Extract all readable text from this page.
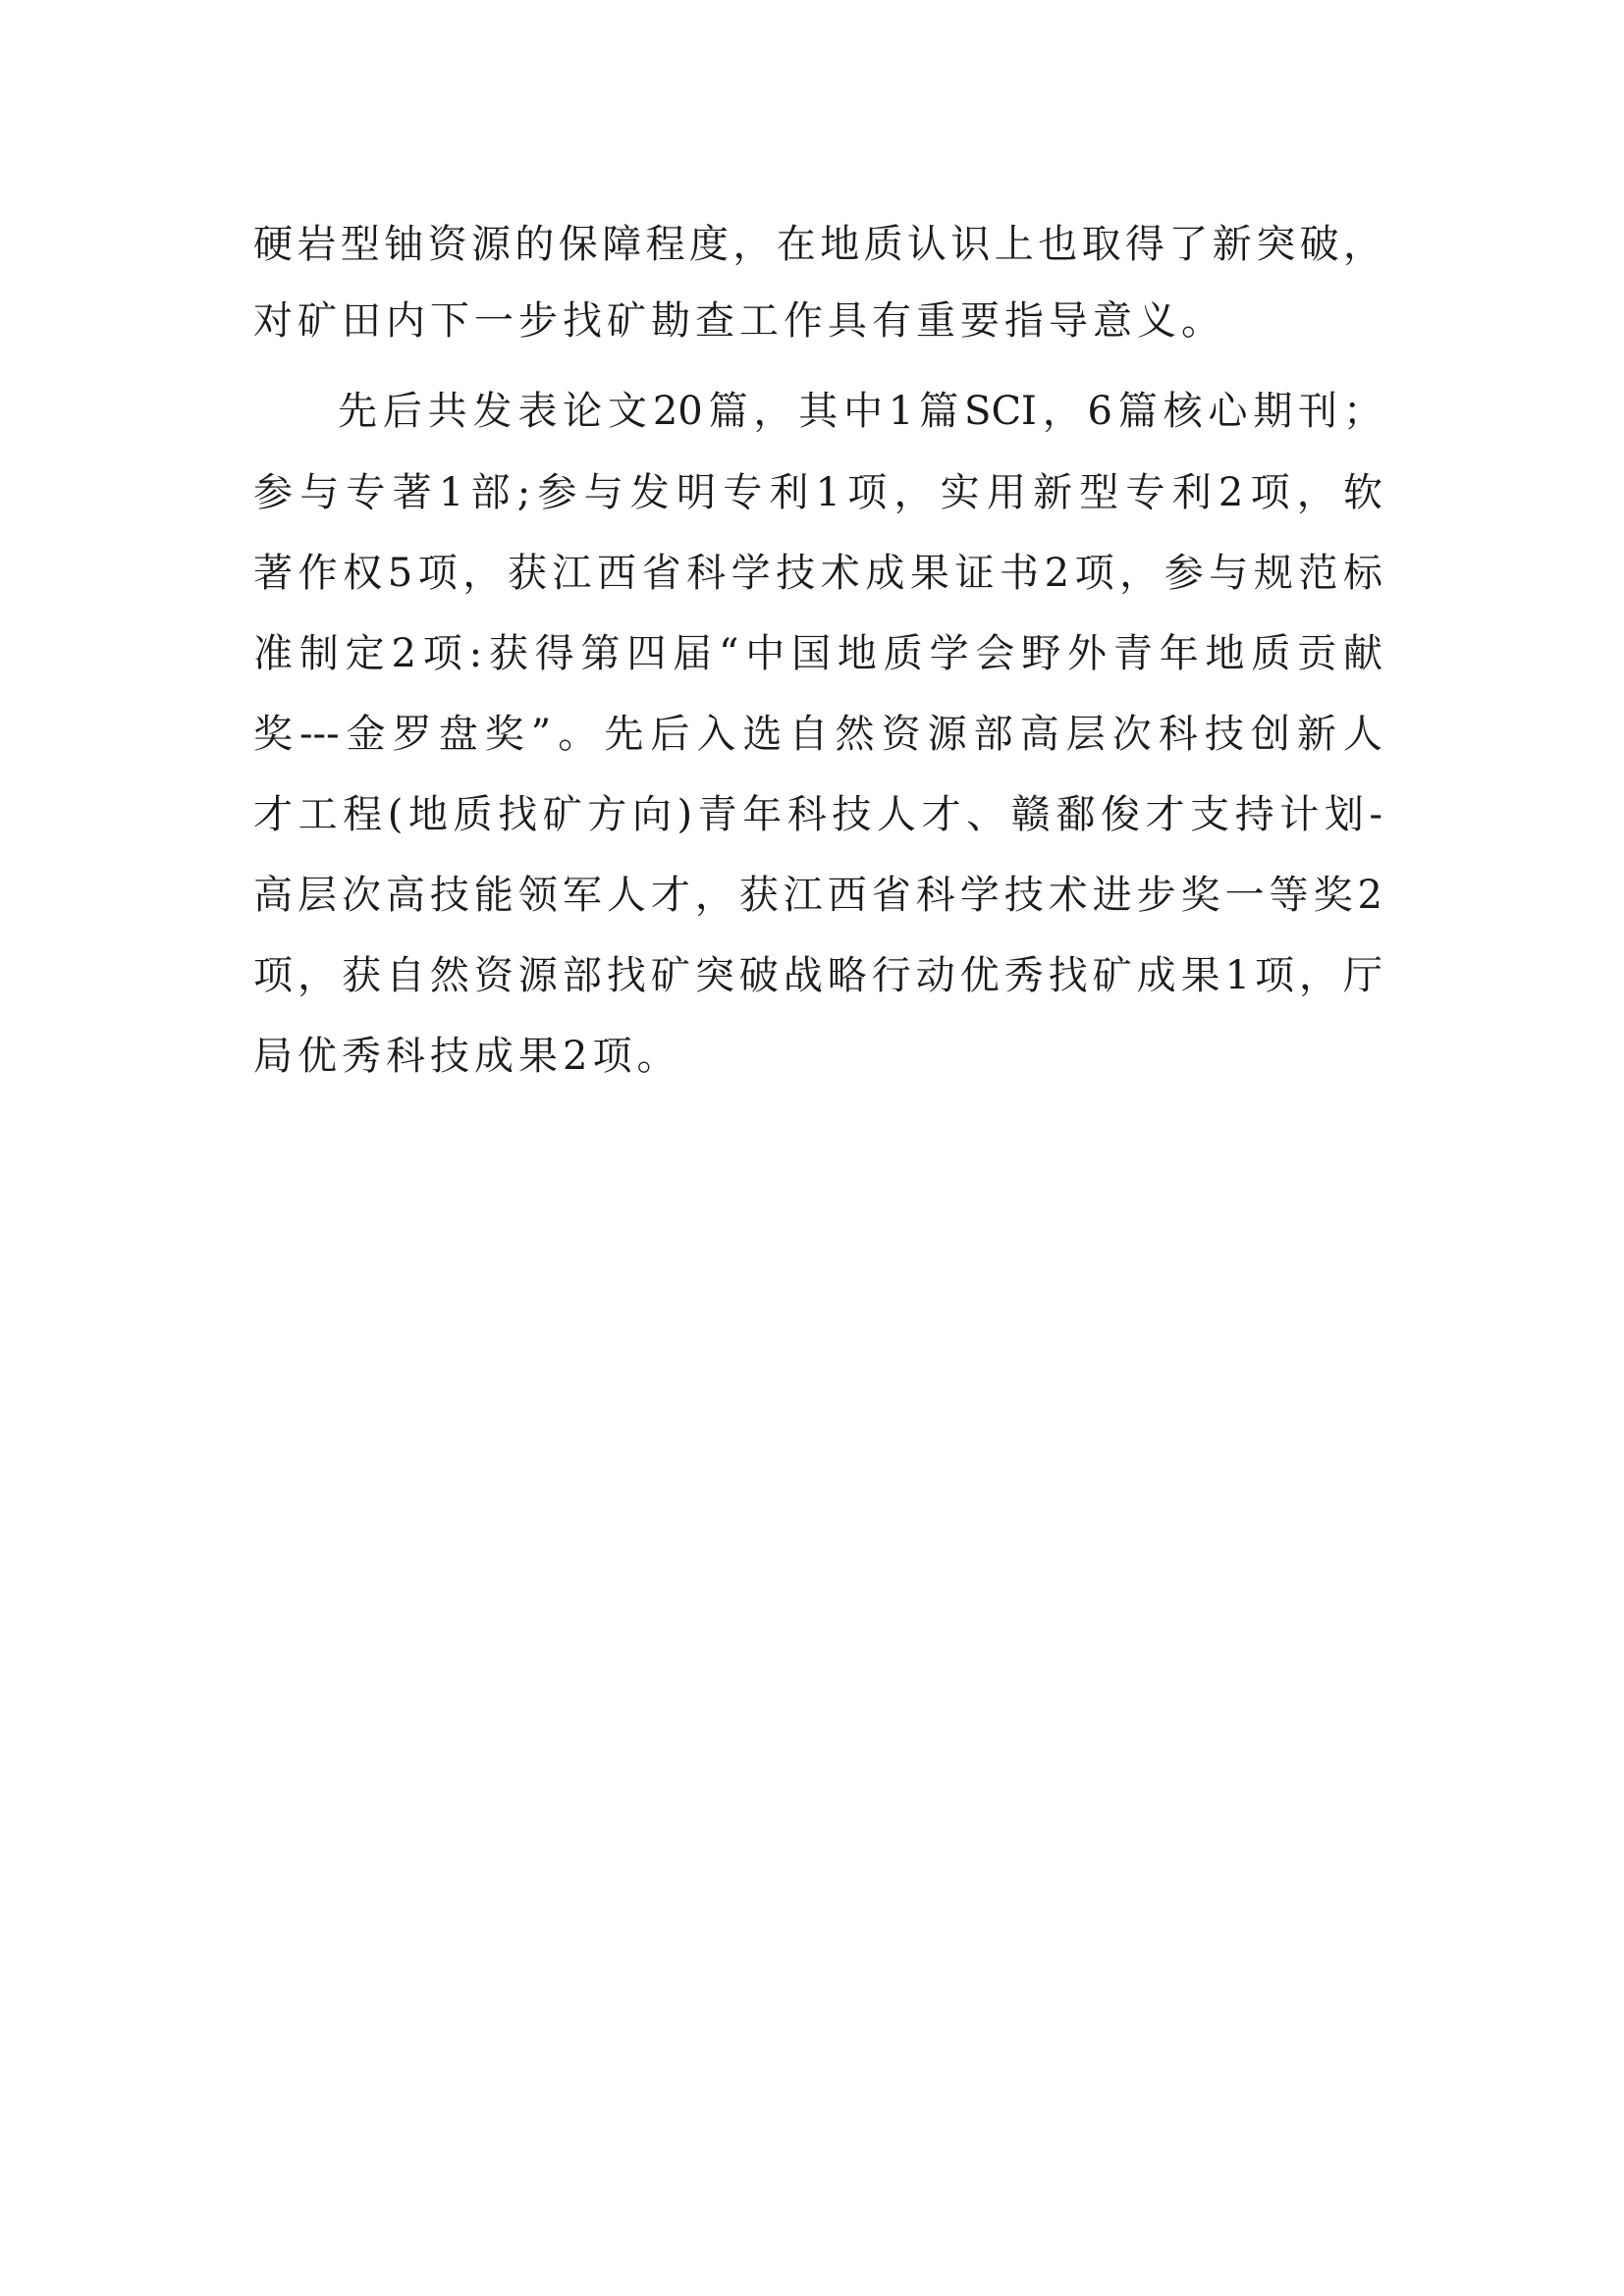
硬岩型铀资源的保障程度，在地质认识上也取得了新突破，

对矿田内下一步找矿勘查工作具有重要指导意义。

先后共发表论文20篇，其中1篇SCI，6篇核心期刊；

参与专著1部;参与发明专利1项，实用新型专利2项，软

著作权5项，获江西省科学技术成果证书2项，参与规范标

准制定2项:获得第四届“中国地质学会野外青年地质贡献

奖---金罗盘奖”。先后入选自然资源部高层次科技创新人

才工程(地质找矿方向)青年科技人才、赣鄱俊才支持计划-

高层次高技能领军人才，获江西省科学技术进步奖一等奖2

项，获自然资源部找矿突破战略行动优秀找矿成果1项，厅

局优秀科技成果2项。
